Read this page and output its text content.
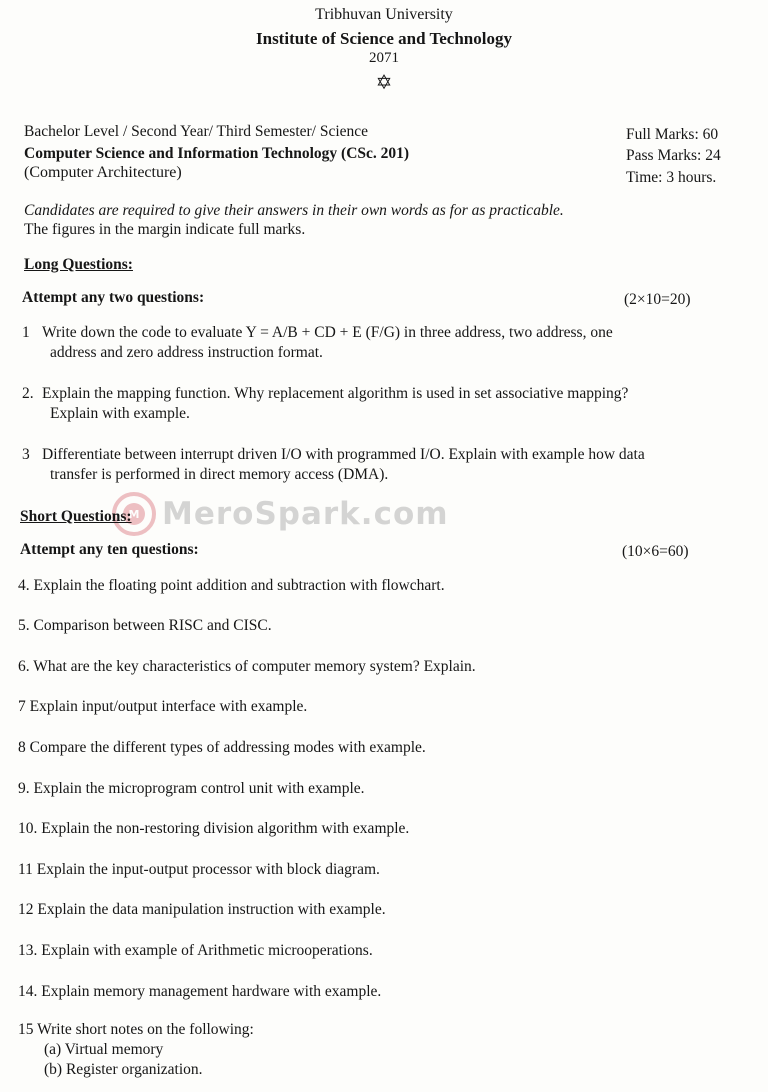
Tribhuvan University
Institute of Science and Technology
2071
✡
Bachelor Level / Second Year/ Third Semester/ Science
Computer Science and Information Technology (CSc. 201)
(Computer Architecture)
Full Marks: 60
Pass Marks: 24
Time: 3 hours.
Candidates are required to give their answers in their own words as for as practicable.
The figures in the margin indicate full marks.
Long Questions:
Attempt any two questions:	(2×10=20)
1 Write down the code to evaluate Y = A/B + CD + E (F/G) in three address, two address, one
address and zero address instruction format.
2. Explain the mapping function. Why replacement algorithm is used in set associative mapping?
Explain with example.
3 Differentiate between interrupt driven I/O with programmed I/O. Explain with example how data
transfer is performed in direct memory access (DMA).
M MeroSpark.com
Short Questions:
Attempt any ten questions:	(10×6=60)
4. Explain the floating point addition and subtraction with flowchart.
5. Comparison between RISC and CISC.
6. What are the key characteristics of computer memory system? Explain.
7 Explain input/output interface with example.
8 Compare the different types of addressing modes with example.
9. Explain the microprogram control unit with example.
10. Explain the non-restoring division algorithm with example.
11 Explain the input-output processor with block diagram.
12 Explain the data manipulation instruction with example.
13. Explain with example of Arithmetic microoperations.
14. Explain memory management hardware with example.
15 Write short notes on the following:
(a) Virtual memory
(b) Register organization.
